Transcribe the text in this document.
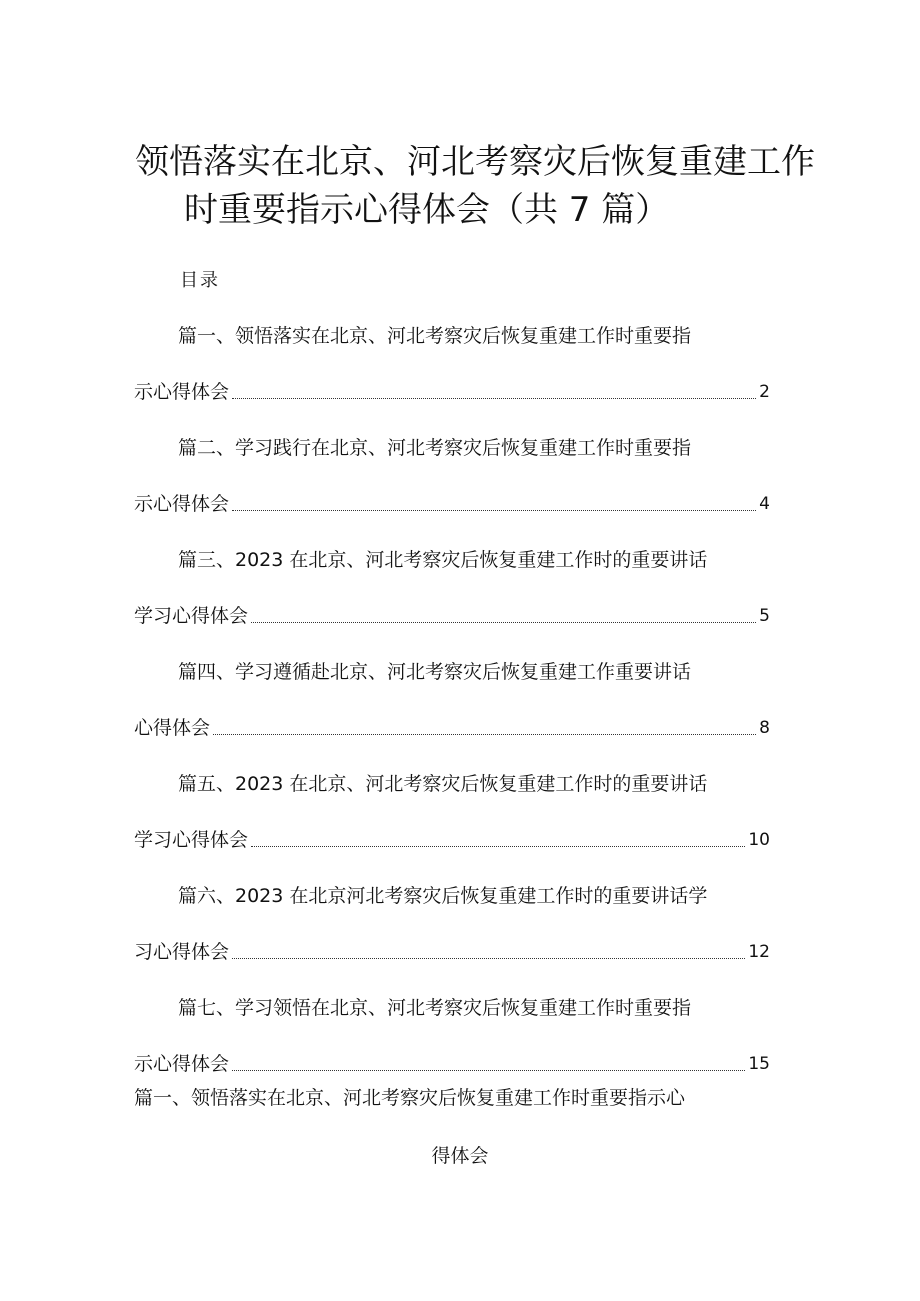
领悟落实在北京、河北考察灾后恢复重建工作
时重要指示心得体会（共 7 篇）
目录
篇一、领悟落实在北京、河北考察灾后恢复重建工作时重要指
示心得体会	2
篇二、学习践行在北京、河北考察灾后恢复重建工作时重要指
示心得体会	4
篇三、2023 在北京、河北考察灾后恢复重建工作时的重要讲话
学习心得体会	5
篇四、学习遵循赴北京、河北考察灾后恢复重建工作重要讲话
心得体会	8
篇五、2023 在北京、河北考察灾后恢复重建工作时的重要讲话
学习心得体会	10
篇六、2023 在北京河北考察灾后恢复重建工作时的重要讲话学
习心得体会	12
篇七、学习领悟在北京、河北考察灾后恢复重建工作时重要指
示心得体会	15
篇一、领悟落实在北京、河北考察灾后恢复重建工作时重要指示心
得体会
